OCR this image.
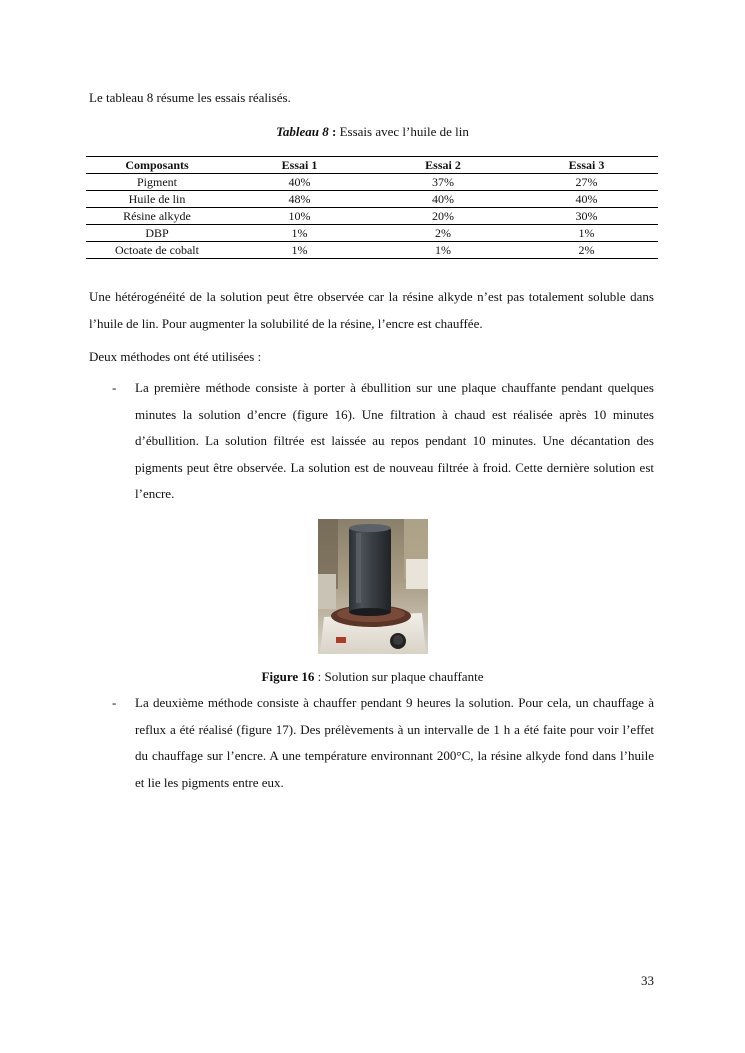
Le tableau 8 résume les essais réalisés.
Tableau 8 : Essais avec l’huile de lin
Composants	Essai 1	Essai 2	Essai 3
Pigment	40%	37%	27%
Huile de lin	48%	40%	40%
Résine alkyde	10%	20%	30%
DBP	1%	2%	1%
Octoate de cobalt	1%	1%	2%
Une hétérogénéité de la solution peut être observée car la résine alkyde n’est pas totalement soluble dans l’huile de lin. Pour augmenter la solubilité de la résine, l’encre est chauffée.
Deux méthodes ont été utilisées :
- La première méthode consiste à porter à ébullition sur une plaque chauffante pendant quelques minutes la solution d’encre (figure 16). Une filtration à chaud est réalisée après 10 minutes d’ébullition. La solution filtrée est laissée au repos pendant 10 minutes. Une décantation des pigments peut être observée. La solution est de nouveau filtrée à froid. Cette dernière solution est l’encre.
Figure 16 : Solution sur plaque chauffante
- La deuxième méthode consiste à chauffer pendant 9 heures la solution. Pour cela, un chauffage à reflux a été réalisé (figure 17). Des prélèvements à un intervalle de 1 h a été faite pour voir l’effet du chauffage sur l’encre. A une température environnant 200°C, la résine alkyde fond dans l’huile et lie les pigments entre eux.
33
